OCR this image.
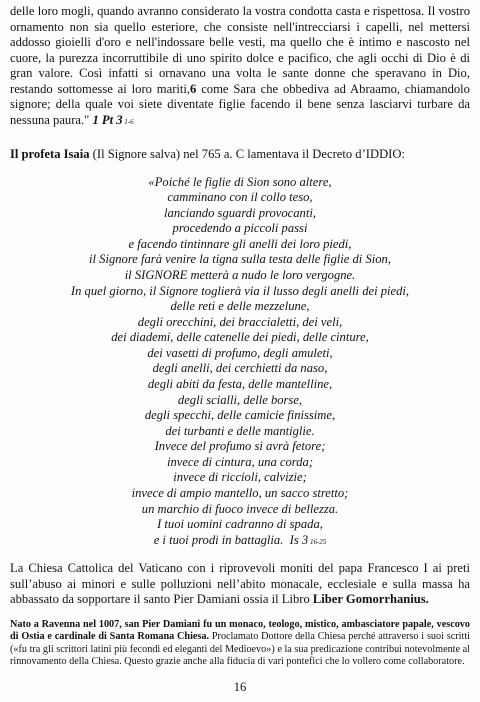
delle loro mogli, quando avranno considerato la vostra condotta casta e rispettosa. Il vostro ornamento non sia quello esteriore, che consiste nell'intrecciarsi i capelli, nel mettersi addosso gioielli d'oro e nell'indossare belle vesti, ma quello che è intimo e nascosto nel cuore, la purezza incorruttibile di uno spirito dolce e pacifico, che agli occhi di Dio è di gran valore. Così infatti si ornavano una volta le sante donne che speravano in Dio, restando sottomesse ai loro mariti,6 come Sara che obbediva ad Abraamo, chiamandolo signore; della quale voi siete diventate figlie facendo il bene senza lasciarvi turbare da nessuna paura." 1 Pt 3 1-6

Il profeta Isaia (Il Signore salva) nel 765 a. C lamentava il Decreto d’IDDIO:

«Poiché le figlie di Sion sono altere,
camminano con il collo teso,
lanciando sguardi provocanti,
procedendo a piccoli passi
e facendo tintinnare gli anelli dei loro piedi,
il Signore farà venire la tigna sulla testa delle figlie di Sion,
il SIGNORE metterà a nudo le loro vergogne.
In quel giorno, il Signore toglierà via il lusso degli anelli dei piedi,
delle reti e delle mezzelune,
degli orecchini, dei braccialetti, dei veli,
dei diademi, delle catenelle dei piedi, delle cinture,
dei vasetti di profumo, degli amuleti,
degli anelli, dei cerchietti da naso,
degli abiti da festa, delle mantelline,
degli scialli, delle borse,
degli specchi, delle camicie finissime,
dei turbanti e delle mantiglie.
Invece del profumo si avrà fetore;
invece di cintura, una corda;
invece di riccioli, calvizie;
invece di ampio mantello, un sacco stretto;
un marchio di fuoco invece di bellezza.
I tuoi uomini cadranno di spada,
e i tuoi prodi in battaglia. Is 3 16-25

La Chiesa Cattolica del Vaticano con i riprovevoli moniti del papa Francesco I ai preti sull’abuso ai minori e sulle polluzioni nell’abito monacale, ecclesiale e sulla massa ha abbassato da sopportare il santo Pier Damiani ossia il Libro Liber Gomorrhanius.

Nato a Ravenna nel 1007, san Pier Damiani fu un monaco, teologo, mistico, ambasciatore papale, vescovo di Ostia e cardinale di Santa Romana Chiesa. Proclamato Dottore della Chiesa perché attraverso i suoi scritti («fu tra gli scrittori latini più fecondi ed eleganti del Medioevo») e la sua predicazione contribuì notevolmente al rinnovamento della Chiesa. Questo grazie anche alla fiducia di vari pontefici che lo vollero come collaboratore.

16
